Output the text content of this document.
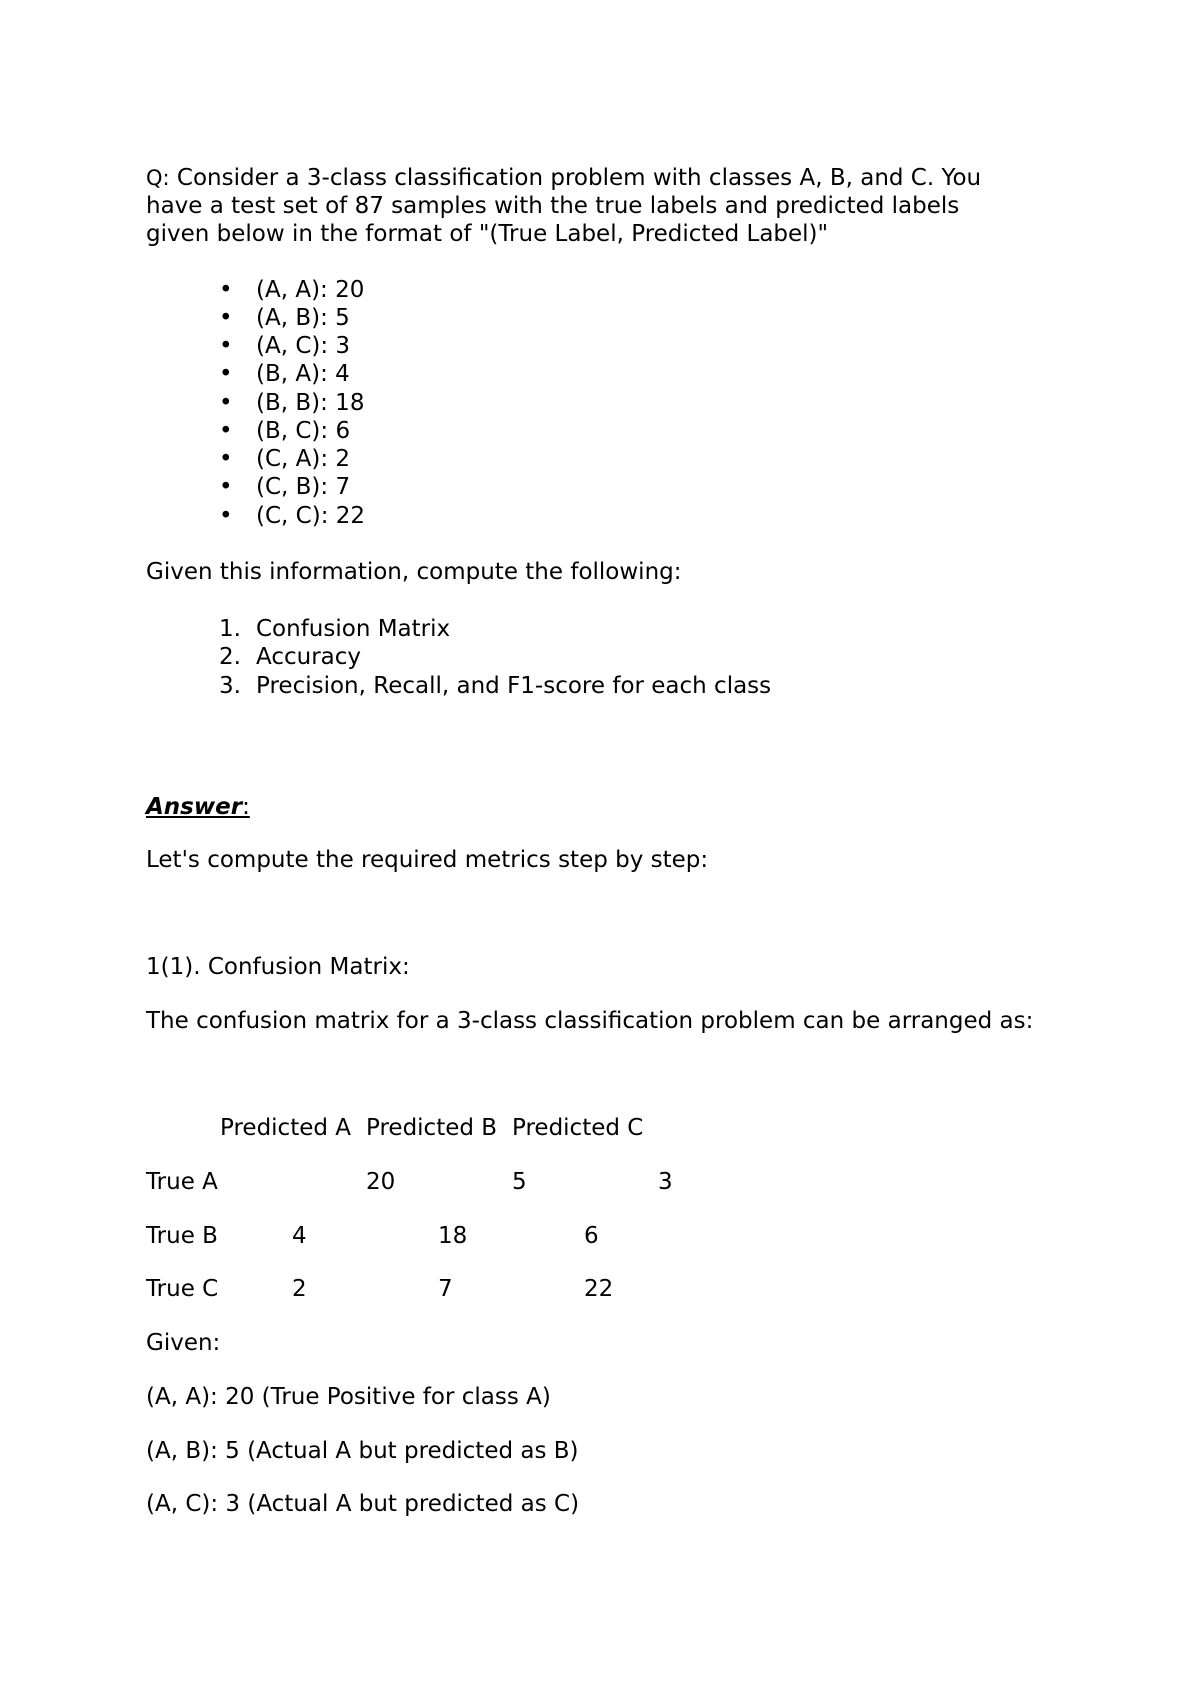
Q: Consider a 3-class classification problem with classes A, B, and C. You
have a test set of 87 samples with the true labels and predicted labels
given below in the format of "(True Label, Predicted Label)"
• (A, A): 20
• (A, B): 5
• (A, C): 3
• (B, A): 4
• (B, B): 18
• (B, C): 6
• (C, A): 2
• (C, B): 7
• (C, C): 22
Given this information, compute the following:
1. Confusion Matrix
2. Accuracy
3. Precision, Recall, and F1-score for each class
Answer:
Let's compute the required metrics step by step:
1(1). Confusion Matrix:
The confusion matrix for a 3-class classification problem can be arranged as:
Predicted A Predicted B Predicted C
True A	20	5	3
True B	4	18	6
True C	2	7	22
Given:
(A, A): 20 (True Positive for class A)
(A, B): 5 (Actual A but predicted as B)
(A, C): 3 (Actual A but predicted as C)
